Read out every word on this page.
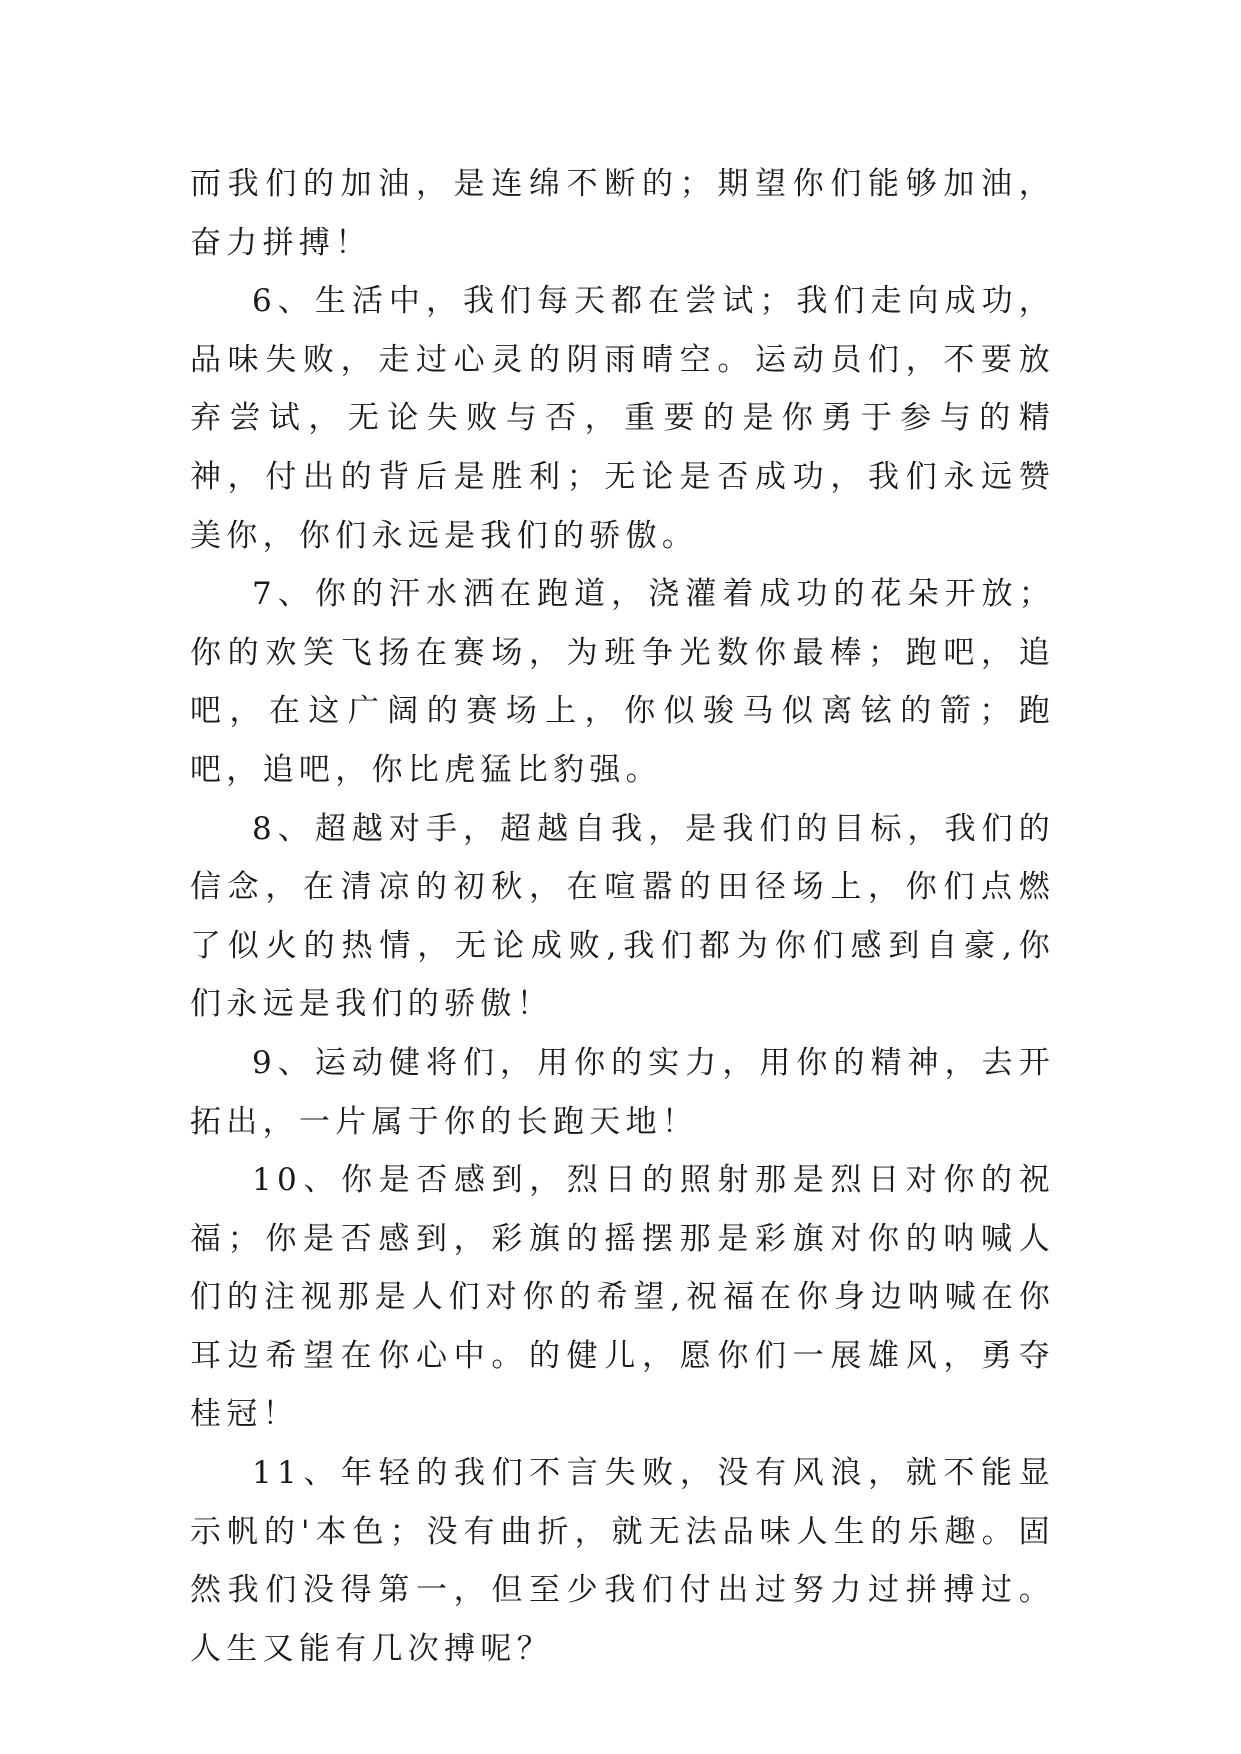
而我们的加油，是连绵不断的；期望你们能够加油，奋力拼搏！

6、生活中，我们每天都在尝试；我们走向成功，品味失败，走过心灵的阴雨晴空。运动员们，不要放弃尝试，无论失败与否，重要的是你勇于参与的精神，付出的背后是胜利；无论是否成功，我们永远赞美你，你们永远是我们的骄傲。

7、你的汗水洒在跑道，浇灌着成功的花朵开放；你的欢笑飞扬在赛场，为班争光数你最棒；跑吧，追吧，在这广阔的赛场上，你似骏马似离铉的箭；跑吧，追吧，你比虎猛比豹强。

8、超越对手，超越自我，是我们的目标，我们的信念，在清凉的初秋，在喧嚣的田径场上，你们点燃了似火的热情，无论成败,我们都为你们感到自豪,你们永远是我们的骄傲！

9、运动健将们，用你的实力，用你的精神，去开拓出，一片属于你的长跑天地！

10、你是否感到，烈日的照射那是烈日对你的祝福；你是否感到，彩旗的摇摆那是彩旗对你的呐喊人们的注视那是人们对你的希望,祝福在你身边呐喊在你耳边希望在你心中。的健儿，愿你们一展雄风，勇夺桂冠！

11、年轻的我们不言失败，没有风浪，就不能显示帆的'本色；没有曲折，就无法品味人生的乐趣。固然我们没得第一，但至少我们付出过努力过拼搏过。人生又能有几次搏呢？
